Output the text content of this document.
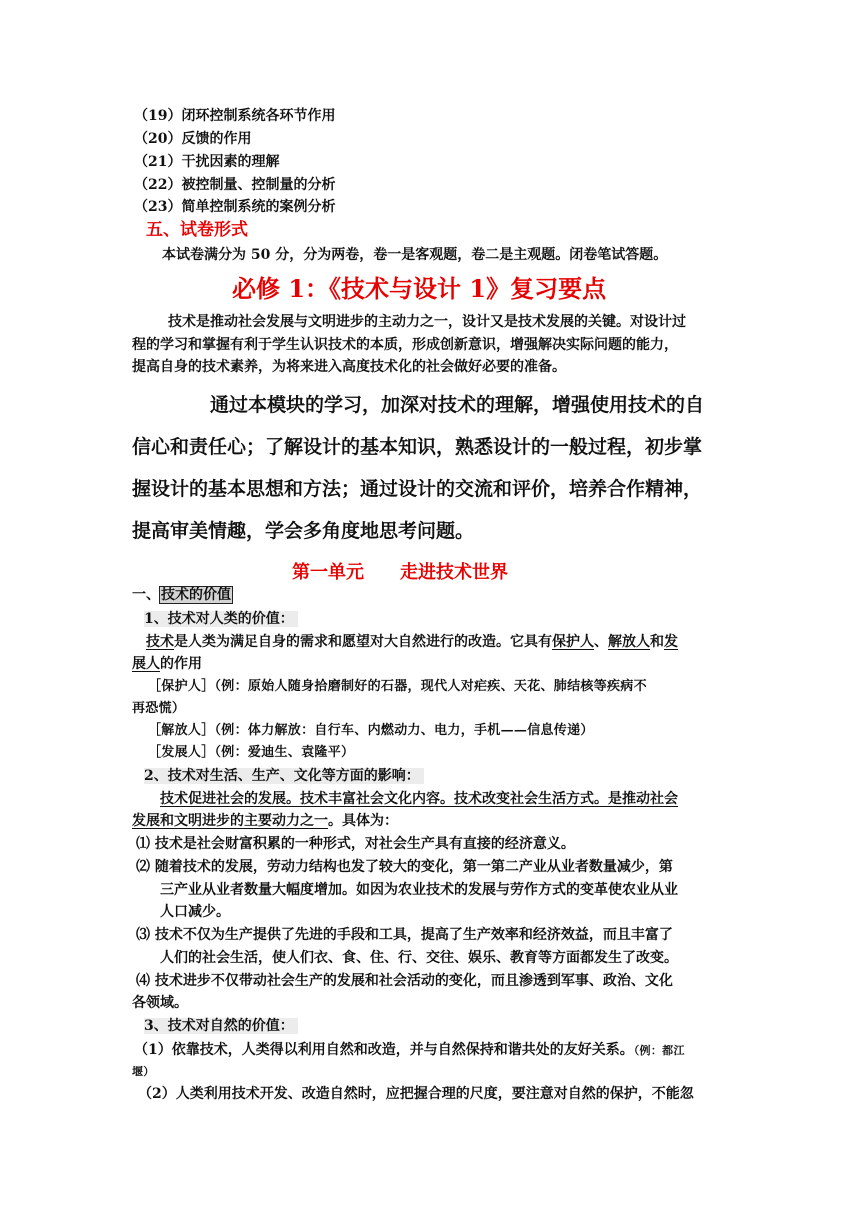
（19）闭环控制系统各环节作用
（20）反馈的作用
（21）干扰因素的理解
（22）被控制量、控制量的分析
（23）简单控制系统的案例分析
五、试卷形式
本试卷满分为 50 分，分为两卷，卷一是客观题，卷二是主观题。闭卷笔试答题。
必修 1：《技术与设计 1》复习要点
技术是推动社会发展与文明进步的主动力之一，设计又是技术发展的关键。对设计过
程的学习和掌握有利于学生认识技术的本质，形成创新意识，增强解决实际问题的能力，
提高自身的技术素养，为将来进入高度技术化的社会做好必要的准备。
通过本模块的学习，加深对技术的理解，增强使用技术的自
信心和责任心；了解设计的基本知识，熟悉设计的一般过程，初步掌
握设计的基本思想和方法；通过设计的交流和评价，培养合作精神，
提高审美情趣，学会多角度地思考问题。
第一单元　　走进技术世界
一、技术的价值
1、技术对人类的价值：
技术是人类为满足自身的需求和愿望对大自然进行的改造。它具有保护人、解放人和发
展人的作用
［保护人］（例：原始人随身拾磨制好的石器，现代人对疟疾、天花、肺结核等疾病不
再恐慌）
［解放人］（例：体力解放：自行车、内燃动力、电力，手机——信息传递）
［发展人］（例：爱迪生、袁隆平）
2、技术对生活、生产、文化等方面的影响：
技术促进社会的发展。技术丰富社会文化内容。技术改变社会生活方式。是推动社会
发展和文明进步的主要动力之一。具体为：
⑴ 技术是社会财富积累的一种形式，对社会生产具有直接的经济意义。
⑵ 随着技术的发展，劳动力结构也发了较大的变化，第一第二产业从业者数量减少，第
三产业从业者数量大幅度增加。如因为农业技术的发展与劳作方式的变革使农业从业
人口减少。
⑶ 技术不仅为生产提供了先进的手段和工具，提高了生产效率和经济效益，而且丰富了
人们的社会生活，使人们衣、食、住、行、交往、娱乐、教育等方面都发生了改变。
⑷ 技术进步不仅带动社会生产的发展和社会活动的变化，而且渗透到军事、政治、文化
各领域。
3、技术对自然的价值：
（1）依靠技术，人类得以利用自然和改造，并与自然保持和谐共处的友好关系。（例：都江
堰）
（2）人类利用技术开发、改造自然时，应把握合理的尺度，要注意对自然的保护，不能忽
